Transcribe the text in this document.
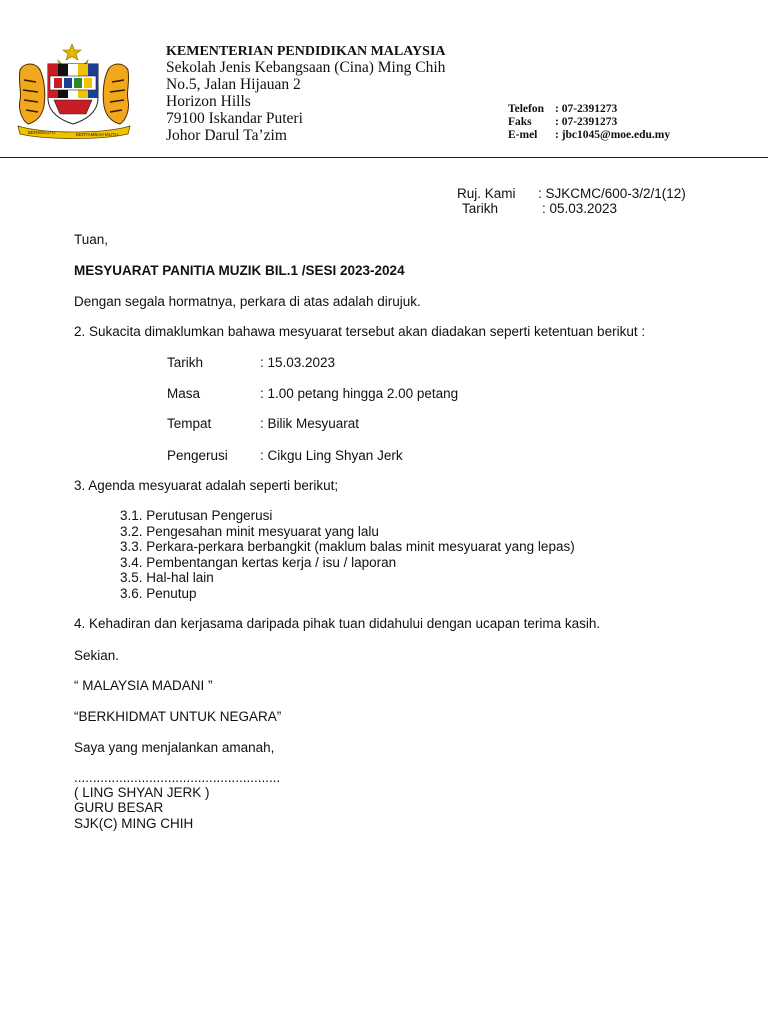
BERSEKUTU	BERTAMBAH MUTU
KEMENTERIAN PENDIDIKAN MALAYSIA
Sekolah Jenis Kebangsaan (Cina) Ming Chih
No.5, Jalan Hijauan 2
Horizon Hills
79100 Iskandar Puteri
Johor Darul Ta’zim
Telefon : 07-2391273
Faks : 07-2391273
E-mel : jbc1045@moe.edu.my
Ruj. Kami : SJKCMC/600-3/2/1(12)
Tarikh	: 05.03.2023
Tuan,
MESYUARAT PANITIA MUZIK BIL.1 /SESI 2023-2024
Dengan segala hormatnya, perkara di atas adalah dirujuk.
2. Sukacita dimaklumkan bahawa mesyuarat tersebut akan diadakan seperti ketentuan berikut :
Tarikh	: 15.03.2023
Masa	: 1.00 petang hingga 2.00 petang
Tempat	: Bilik Mesyuarat
Pengerusi : Cikgu Ling Shyan Jerk
3. Agenda mesyuarat adalah seperti berikut;
3.1. Perutusan Pengerusi
3.2. Pengesahan minit mesyuarat yang lalu
3.3. Perkara-perkara berbangkit (maklum balas minit mesyuarat yang lepas)
3.4. Pembentangan kertas kerja / isu / laporan
3.5. Hal-hal lain
3.6. Penutup
4. Kehadiran dan kerjasama daripada pihak tuan didahului dengan ucapan terima kasih.
Sekian.
“ MALAYSIA MADANI ”
“BERKHIDMAT UNTUK NEGARA”
Saya yang menjalankan amanah,
.......................................................
( LING SHYAN JERK )
GURU BESAR
SJK(C) MING CHIH
